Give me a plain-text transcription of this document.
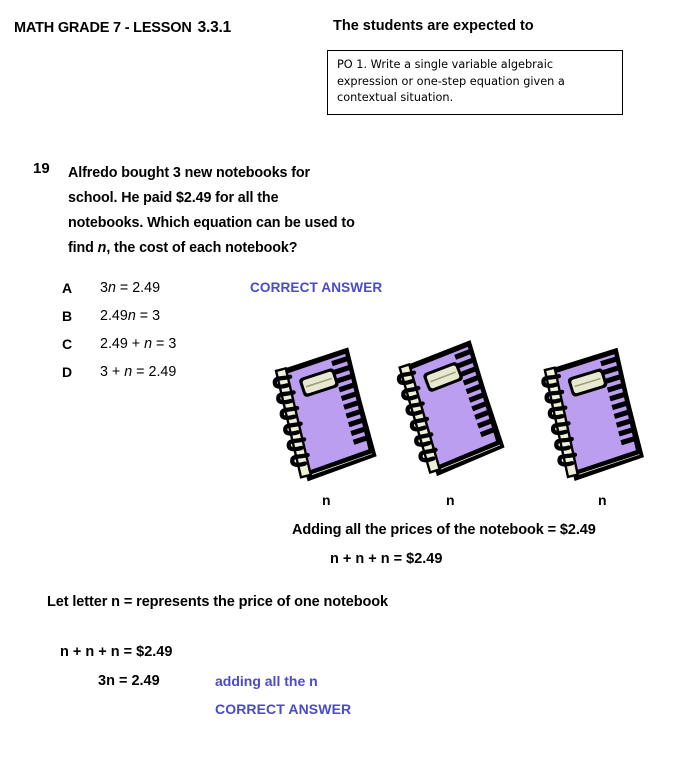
MATH GRADE 7 - LESSON 3.3.1	The students are expected to
PO 1. Write a single variable algebraic expression or one-step equation given a contextual situation.
19 Alfredo bought 3 new notebooks for
school. He paid $2.49 for all the
notebooks. Which equation can be used to
find n, the cost of each notebook?
A 3n = 2.49
B 2.49n = 3
C 2.49 + n = 3
D 3 + n = 2.49
CORRECT ANSWER
n	n	n
Adding all the prices of the notebook = $2.49
n + n + n = $2.49
Let letter n = represents the price of one notebook
n + n + n = $2.49
3n = 2.49	adding all the n
CORRECT ANSWER
